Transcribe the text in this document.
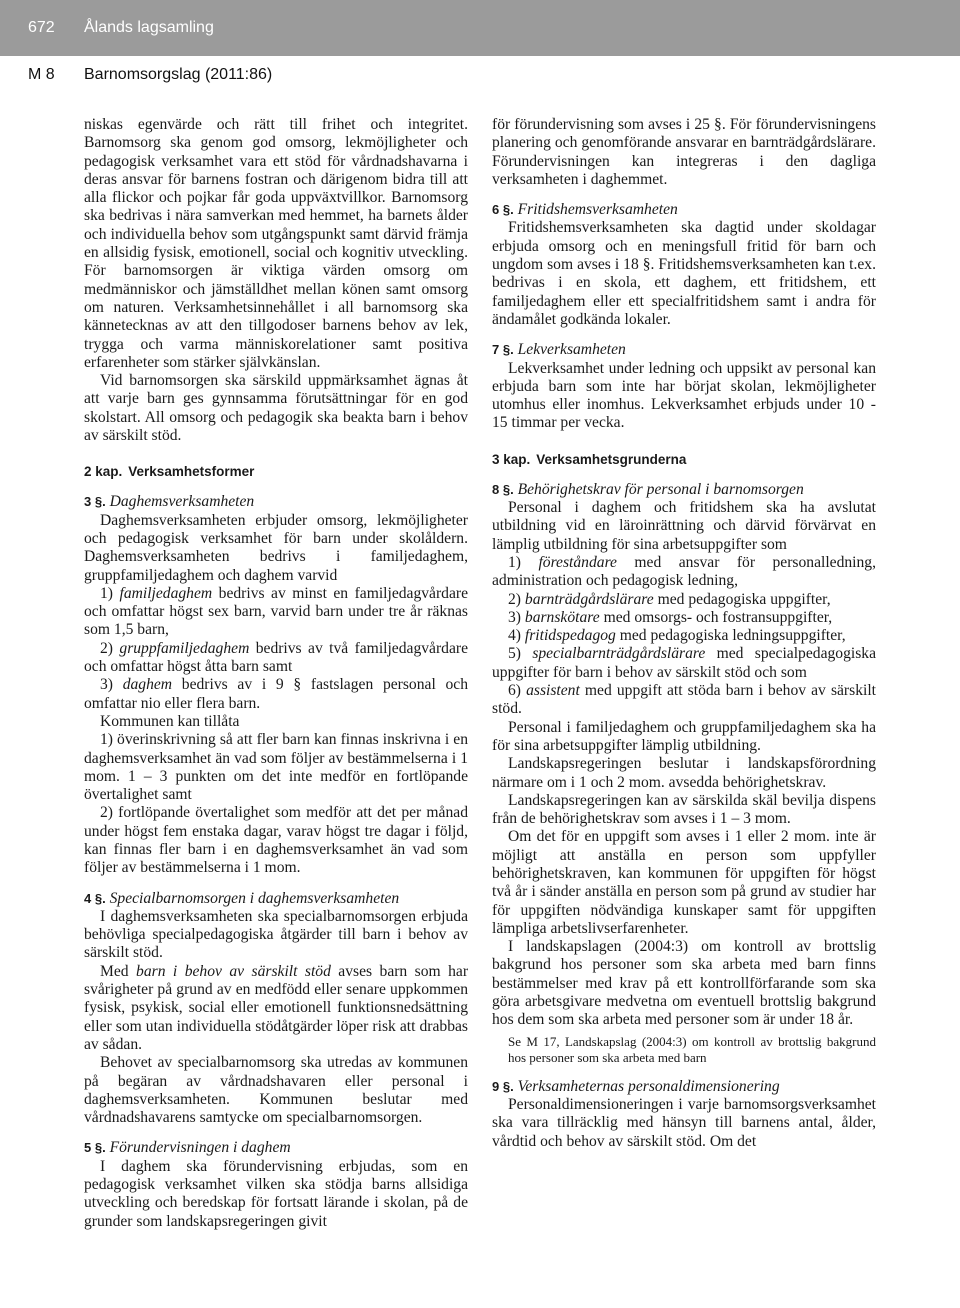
672 Ålands lagsamling
M 8 Barnomsorgslag (2011:86)

niskas egenvärde och rätt till frihet och integritet. Barnomsorg ska genom god omsorg, lekmöjligheter och pedagogisk verksamhet vara ett stöd för vårdnadshavarna i deras ansvar för barnens fostran och därigenom bidra till att alla flickor och pojkar får goda uppväxtvillkor. Barnomsorg ska bedrivas i nära samverkan med hemmet, ha barnets ålder och individuella behov som utgångspunkt samt därvid främja en allsidig fysisk, emotionell, social och kognitiv utveckling. För barnomsorgen är viktiga värden omsorg om medmänniskor och jämställdhet mellan könen samt omsorg om naturen. Verksamhetsinnehållet i all barnomsorg ska kännetecknas av att den tillgodoser barnens behov av lek, trygga och varma människorelationer samt positiva erfarenheter som stärker självkänslan.

Vid barnomsorgen ska särskild uppmärksamhet ägnas åt att varje barn ges gynnsamma förutsättningar för en god skolstart. All omsorg och pedagogik ska beakta barn i behov av särskilt stöd.

2 kap. Verksamhetsformer
3 §. Daghemsverksamheten

Daghemsverksamheten erbjuder omsorg, lekmöjligheter och pedagogisk verksamhet för barn under skolåldern. Daghemsverksamheten bedrivs i familjedaghem, gruppfamiljedaghem och daghem varvid

1) familjedaghem bedrivs av minst en familjedagvårdare och omfattar högst sex barn, varvid barn under tre år räknas som 1,5 barn,

2) gruppfamiljedaghem bedrivs av två familjedagvårdare och omfattar högst åtta barn samt

3) daghem bedrivs av i 9 § fastslagen personal och omfattar nio eller flera barn.

Kommunen kan tillåta

1) överinskrivning så att fler barn kan finnas inskrivna i en daghemsverksamhet än vad som följer av bestämmelserna i 1 mom. 1 – 3 punkten om det inte medför en fortlöpande övertalighet samt

2) fortlöpande övertalighet som medför att det per månad under högst fem enstaka dagar, varav högst tre dagar i följd, kan finnas fler barn i en daghemsverksamhet än vad som följer av bestämmelserna i 1 mom.

4 §. Specialbarnomsorgen i daghemsverksamheten

I daghemsverksamheten ska specialbarnomsorgen erbjuda behövliga specialpedagogiska åtgärder till barn i behov av särskilt stöd.

Med barn i behov av särskilt stöd avses barn som har svårigheter på grund av en medfödd eller senare uppkommen fysisk, psykisk, social eller emotionell funktionsnedsättning eller som utan individuella stödåtgärder löper risk att drabbas av sådan.

Behovet av specialbarnomsorg ska utredas av kommunen på begäran av vårdnadshavaren eller personal i daghemsverksamheten. Kommunen beslutar med vårdnadshavarens samtycke om specialbarnomsorgen.

5 §. Förundervisningen i daghem

I daghem ska förundervisning erbjudas, som en pedagogisk verksamhet vilken ska stödja barns allsidiga utveckling och beredskap för fortsatt lärande i skolan, på de grunder som landskapsregeringen givit

för förundervisning som avses i 25 §. För förundervisningens planering och genomförande ansvarar en barnträdgårdslärare. Förundervisningen kan integreras i den dagliga verksamheten i daghemmet.

6 §. Fritidshemsverksamheten

Fritidshemsverksamheten ska dagtid under skoldagar erbjuda omsorg och en meningsfull fritid för barn och ungdom som avses i 18 §. Fritidshemsverksamheten kan t.ex. bedrivas i en skola, ett daghem, ett fritidshem, ett familjedaghem eller ett specialfritidshem samt i andra för ändamålet godkända lokaler.

7 §. Lekverksamheten

Lekverksamhet under ledning och uppsikt av personal kan erbjuda barn som inte har börjat skolan, lekmöjligheter utomhus eller inomhus. Lekverksamhet erbjuds under 10 - 15 timmar per vecka.

3 kap. Verksamhetsgrunderna
8 §. Behörighetskrav för personal i barnomsorgen

Personal i daghem och fritidshem ska ha avslutat utbildning vid en läroinrättning och därvid förvärvat en lämplig utbildning för sina arbetsuppgifter som

1) föreståndare med ansvar för personalledning, administration och pedagogisk ledning,

2) barnträdgårdslärare med pedagogiska uppgifter,

3) barnskötare med omsorgs- och fostransuppgifter,

4) fritidspedagog med pedagogiska ledningsuppgifter,

5) specialbarnträdgårdslärare med specialpedagogiska uppgifter för barn i behov av särskilt stöd och som

6) assistent med uppgift att stöda barn i behov av särskilt stöd.

Personal i familjedaghem och gruppfamiljedaghem ska ha för sina arbetsuppgifter lämplig utbildning.

Landskapsregeringen beslutar i landskapsförordning närmare om i 1 och 2 mom. avsedda behörighetskrav.

Landskapsregeringen kan av särskilda skäl bevilja dispens från de behörighetskrav som avses i 1 – 3 mom.

Om det för en uppgift som avses i 1 eller 2 mom. inte är möjligt att anställa en person som uppfyller behörighetskraven, kan kommunen för uppgiften för högst två år i sänder anställa en person som på grund av studier har för uppgiften nödvändiga kunskaper samt för uppgiften lämpliga arbetslivserfarenheter.

I landskapslagen (2004:3) om kontroll av brottslig bakgrund hos personer som ska arbeta med barn finns bestämmelser med krav på ett kontrollförfarande som ska göra arbetsgivare medvetna om eventuell brottslig bakgrund hos dem som ska arbeta med personer som är under 18 år.

Se M 17, Landskapslag (2004:3) om kontroll av brottslig bakgrund hos personer som ska arbeta med barn

9 §. Verksamheternas personaldimensionering

Personaldimensioneringen i varje barnomsorgsverksamhet ska vara tillräcklig med hänsyn till barnens antal, ålder, vårdtid och behov av särskilt stöd. Om det
